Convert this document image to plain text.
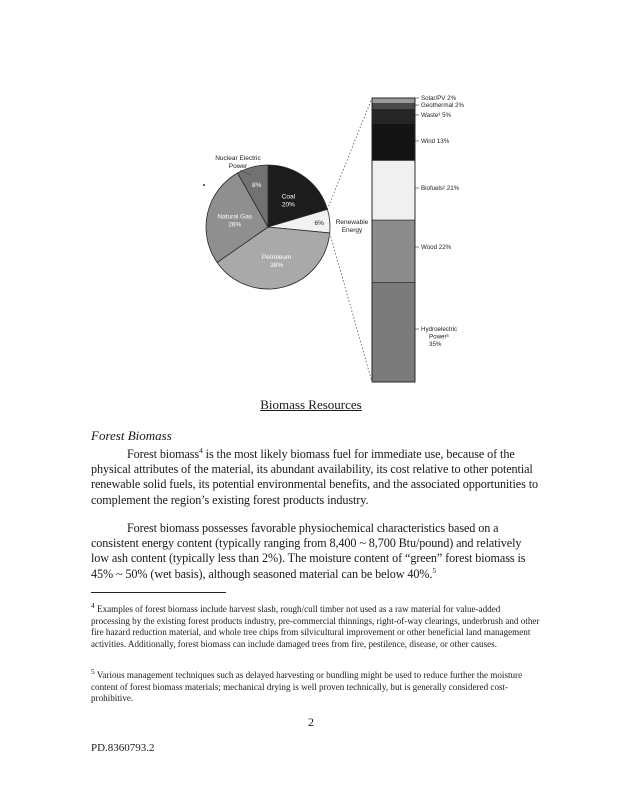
Coal
20%
6%
Petroleum
38%
Natural Gas
26%
8%
Nuclear Electric
Power
Renewable
Energy
Solar/PV 2%
Geothermal 2%
Waste³ 5%
Wind 13%
Biofuels² 21%
Wood 22%
Hydroelectric
Power³
35%
Biomass Resources
Forest Biomass

Forest biomass$^4$ is the most likely biomass fuel for immediate use, because of the physical attributes of the material, its abundant availability, its cost relative to other potential renewable solid fuels, its potential environmental benefits, and the associated opportunities to complement the region’s existing forest products industry.

Forest biomass possesses favorable physiochemical characteristics based on a consistent energy content (typically ranging from 8,400 ~ 8,700 Btu/pound) and relatively low ash content (typically less than 2%). The moisture content of “green” forest biomass is 45% ~ 50% (wet basis), although seasoned material can be below 40%.$^5$

$^4$ Examples of forest biomass include harvest slash, rough/cull timber not used as a raw material for value-added processing by the existing forest products industry, pre-commercial thinnings, right-of-way clearings, underbrush and other fire hazard reduction material, and whole tree chips from silvicultural improvement or other beneficial land management activities. Additionally, forest biomass can include damaged trees from fire, pestilence, disease, or other causes.

$^5$ Various management techniques such as delayed harvesting or bundling might be used to reduce further the moisture content of forest biomass materials; mechanical drying is well proven technically, but is generally considered cost-prohibitive.

2
PD.8360793.2
